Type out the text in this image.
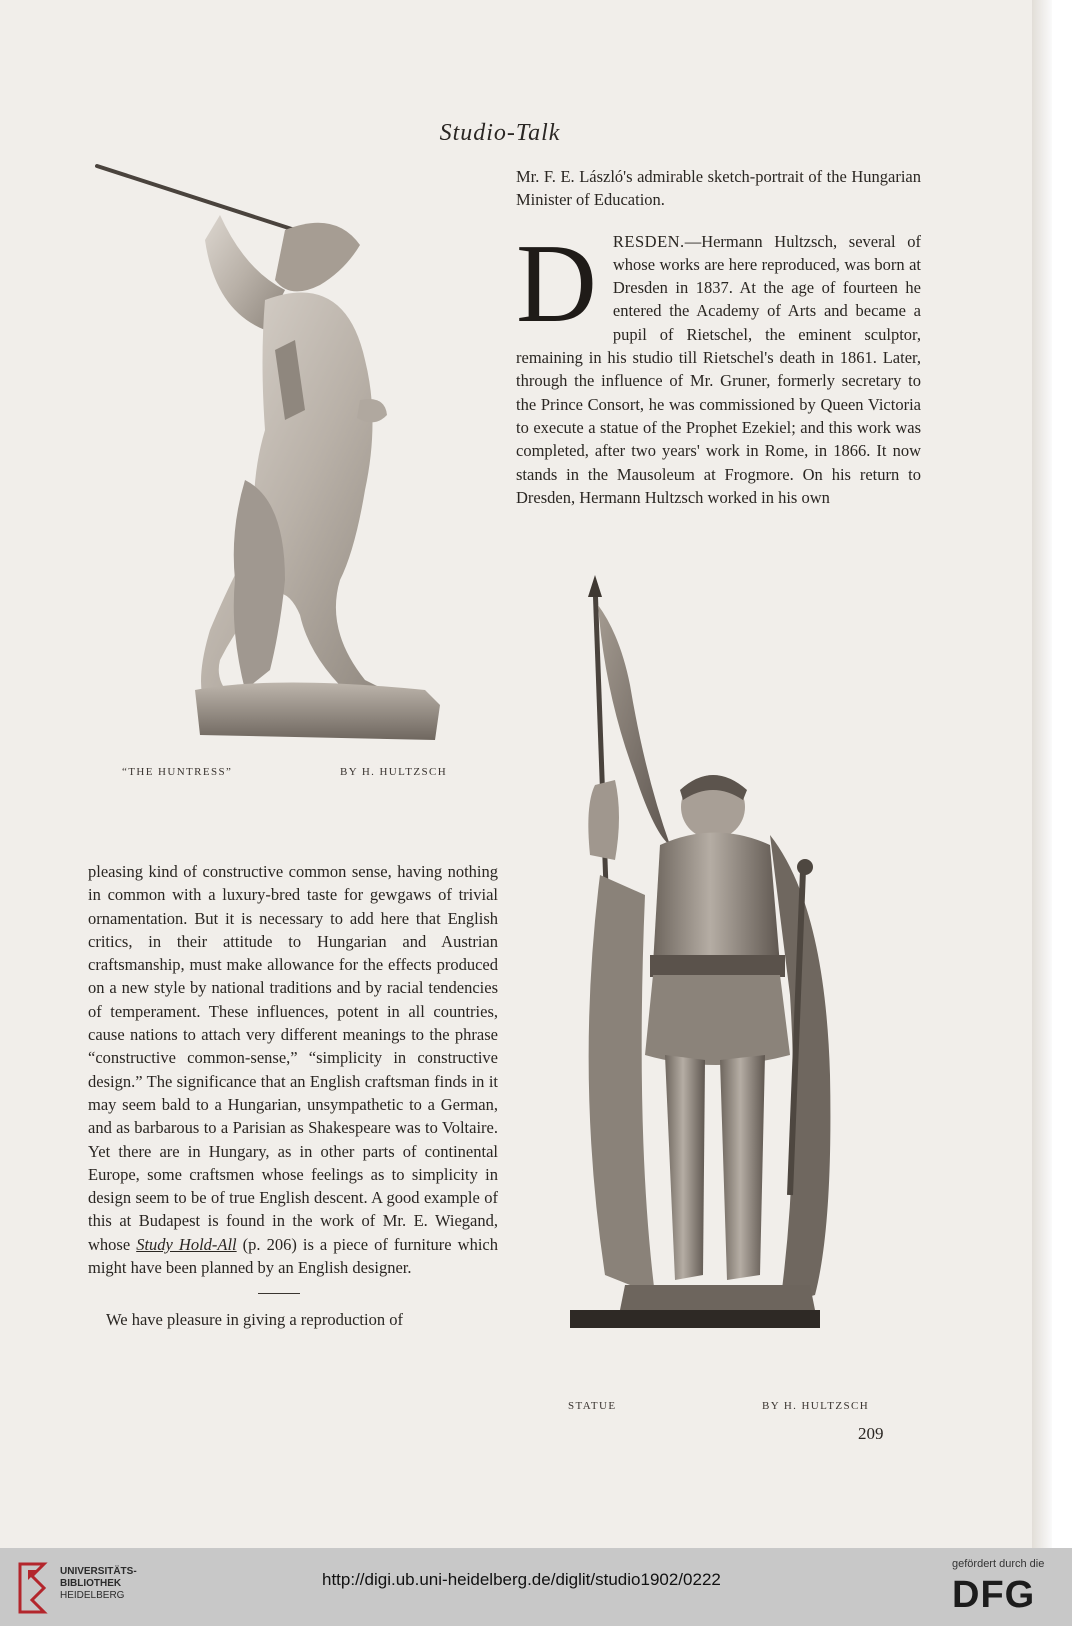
Studio-Talk
“THE HUNTRESS”	BY H. HULTZSCH

Mr. F. E. László's admirable sketch-portrait of the Hungarian Minister of Education.

DRESDEN.—Hermann Hultzsch, several of whose works are here reproduced, was born at Dresden in 1837. At the age of fourteen he entered the Academy of Arts and became a pupil of Rietschel, the eminent sculptor, remaining in his studio till Rietschel's death in 1861. Later, through the influence of Mr. Gruner, formerly secretary to the Prince Consort, he was commissioned by Queen Victoria to execute a statue of the Prophet Ezekiel; and this work was completed, after two years' work in Rome, in 1866. It now stands in the Mausoleum at Frogmore. On his return to Dresden, Hermann Hultzsch worked in his own

STATUE	BY H. HULTZSCH

pleasing kind of constructive common sense, having nothing in common with a luxury-bred taste for gewgaws of trivial ornamentation. But it is necessary to add here that English critics, in their attitude to Hungarian and Austrian craftsmanship, must make allowance for the effects produced on a new style by national traditions and by racial tendencies of temperament. These influences, potent in all countries, cause nations to attach very different meanings to the phrase “constructive common-sense,” “simplicity in constructive design.” The significance that an English craftsman finds in it may seem bald to a Hungarian, unsympathetic to a German, and as barbarous to a Parisian as Shakespeare was to Voltaire. Yet there are in Hungary, as in other parts of continental Europe, some craftsmen whose feelings as to simplicity in design seem to be of true English descent. A good example of this at Budapest is found in the work of Mr. E. Wiegand, whose Study Hold-All (p. 206) is a piece of furniture which might have been planned by an English designer.

We have pleasure in giving a reproduction of

209
UNIVERSITÄTS-
BIBLIOTHEK
HEIDELBERG
http://digi.ub.uni-heidelberg.de/diglit/studio1902/0222
gefördert durch die
DFG
